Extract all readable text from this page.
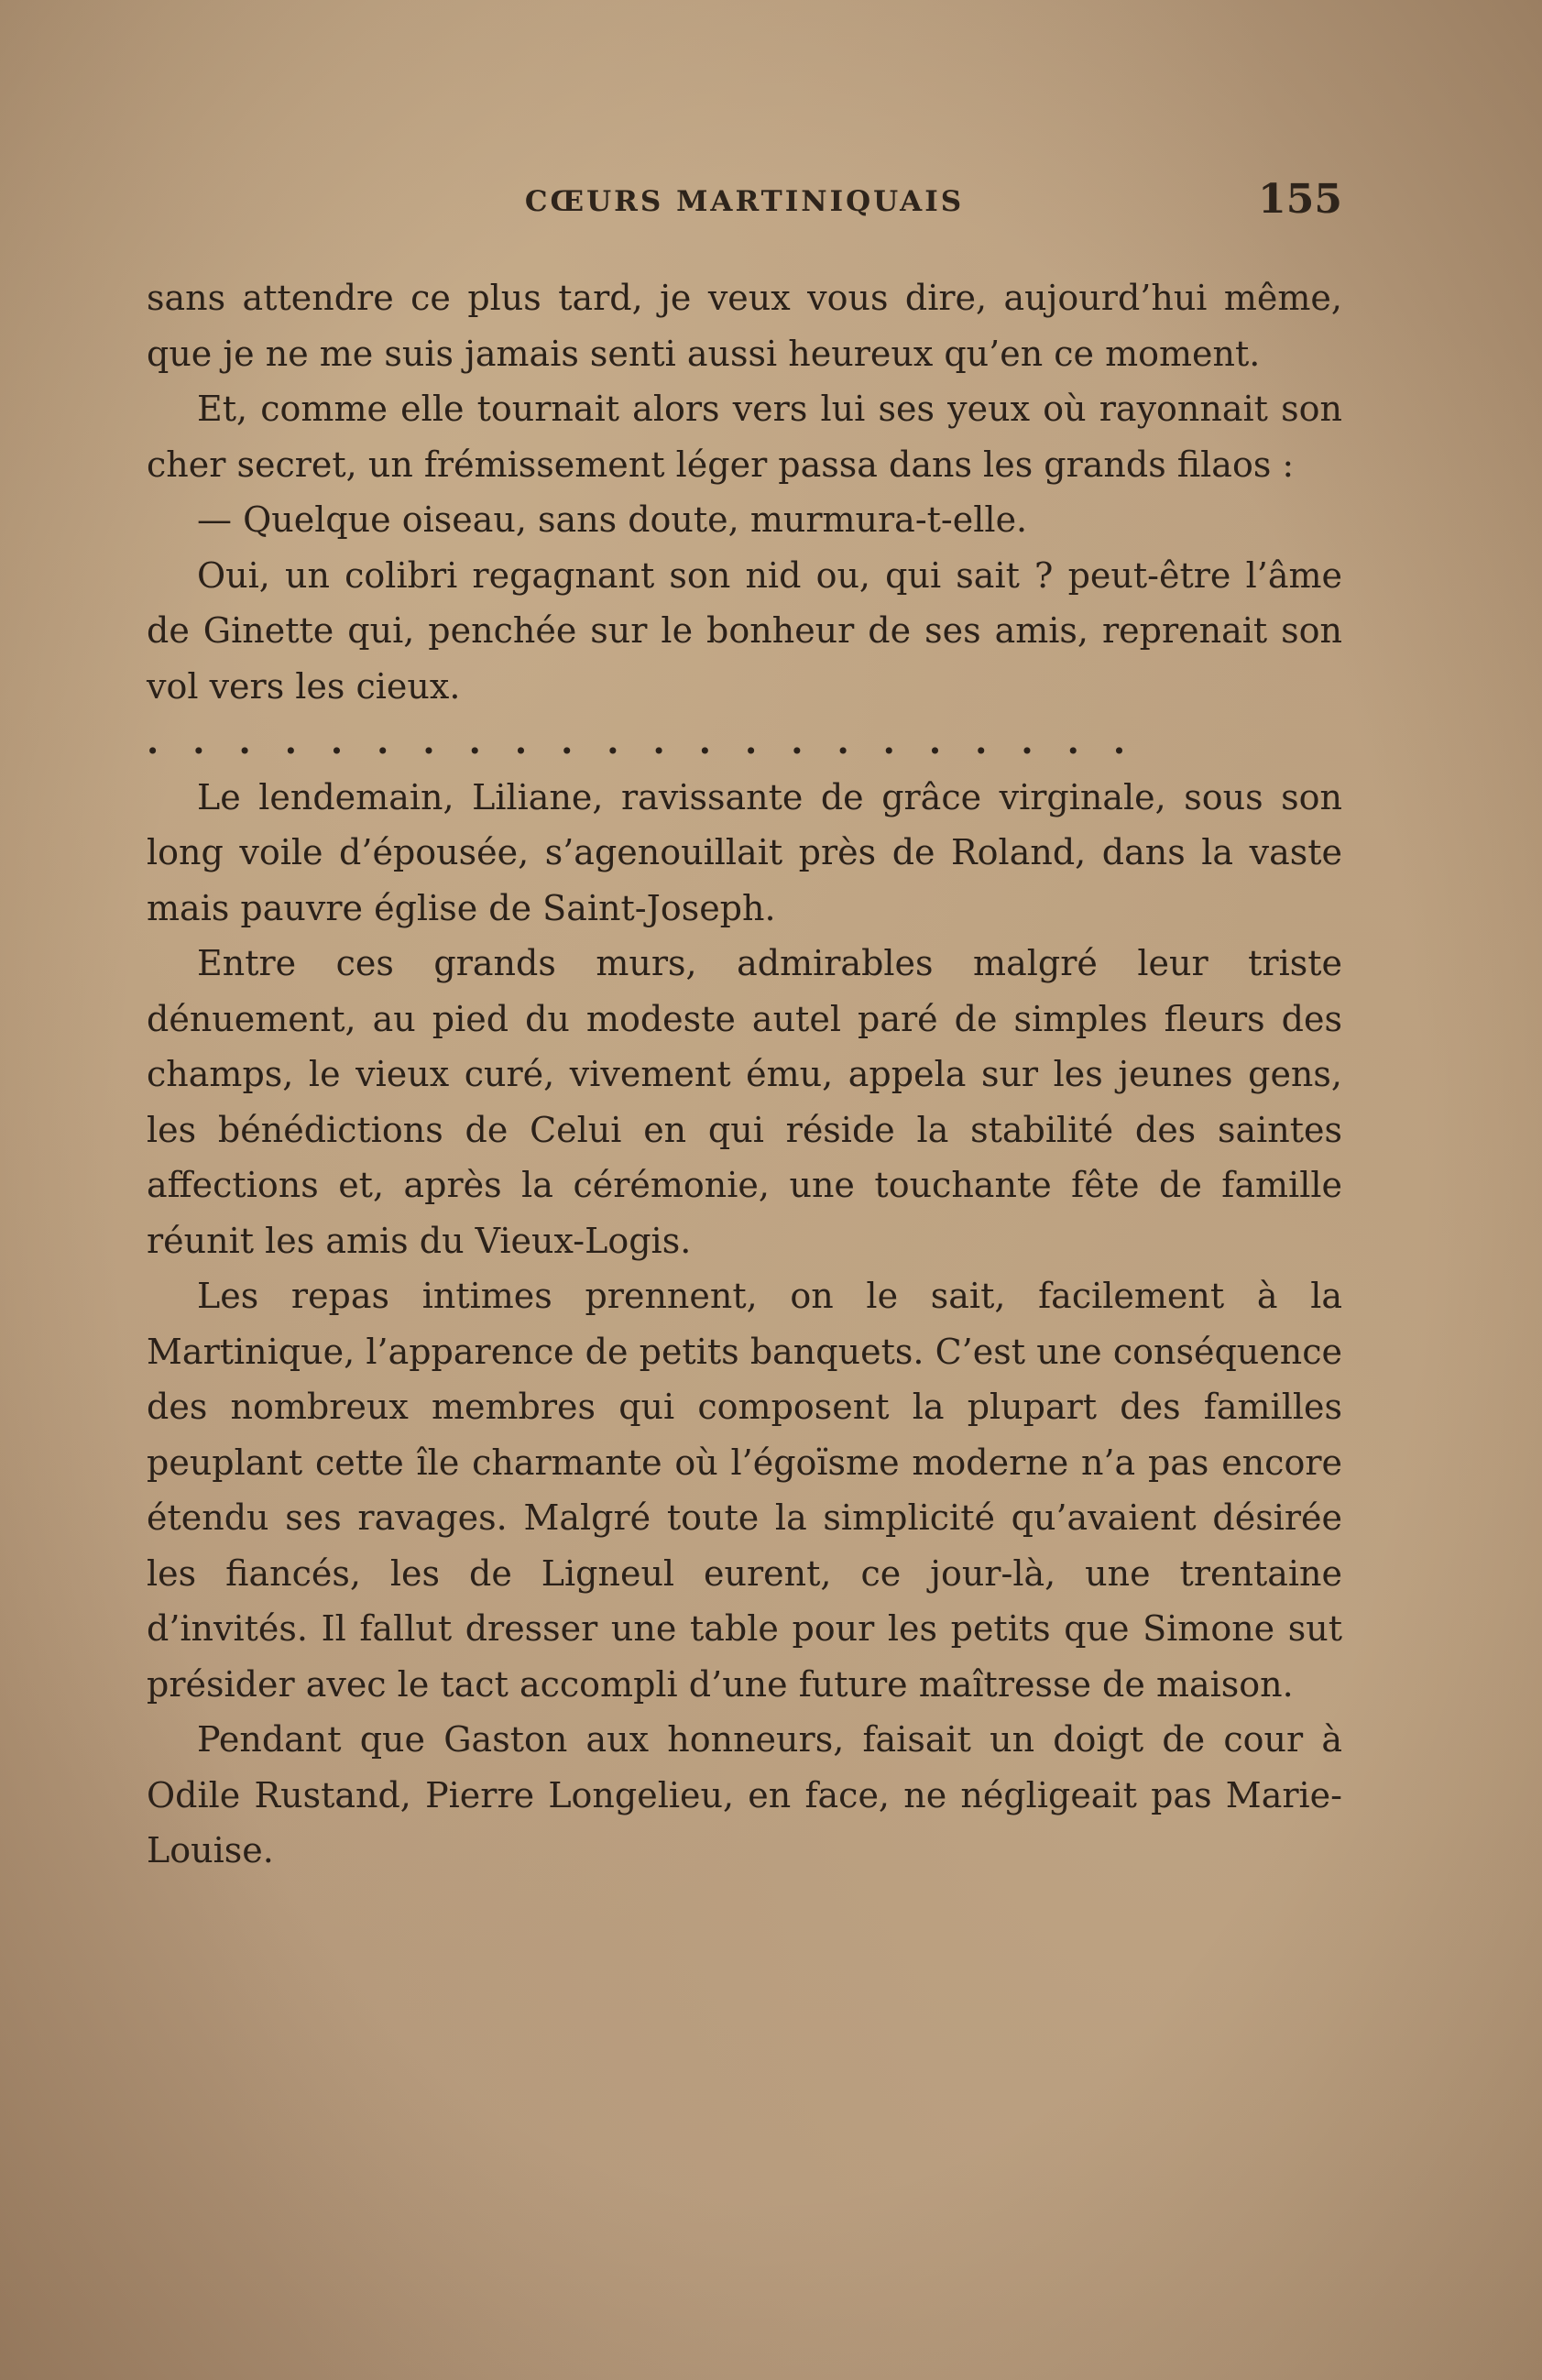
CŒURS MARTINIQUAIS	155

sans attendre ce plus tard, je veux vous dire, aujourd’hui même, que je ne me suis jamais senti aussi heureux qu’en ce moment.

Et, comme elle tournait alors vers lui ses yeux où rayonnait son cher secret, un frémissement léger passa dans les grands filaos :

— Quelque oiseau, sans doute, murmura-t-elle.

Oui, un colibri regagnant son nid ou, qui sait ? peut-être l’âme de Ginette qui, penchée sur le bonheur de ses amis, reprenait son vol vers les cieux.

......................

Le lendemain, Liliane, ravissante de grâce virginale, sous son long voile d’épousée, s’agenouillait près de Roland, dans la vaste mais pauvre église de Saint-Joseph.

Entre ces grands murs, admirables malgré leur triste dénuement, au pied du modeste autel paré de simples fleurs des champs, le vieux curé, vivement ému, appela sur les jeunes gens, les bénédictions de Celui en qui réside la stabilité des saintes affections et, après la cérémonie, une touchante fête de famille réunit les amis du Vieux-Logis.

Les repas intimes prennent, on le sait, facilement à la Martinique, l’apparence de petits banquets. C’est une conséquence des nombreux membres qui composent la plupart des familles peuplant cette île charmante où l’égoïsme moderne n’a pas encore étendu ses ravages. Malgré toute la simplicité qu’avaient désirée les fiancés, les de Ligneul eurent, ce jour-là, une trentaine d’invités. Il fallut dresser une table pour les petits que Simone sut présider avec le tact accompli d’une future maîtresse de maison.

Pendant que Gaston aux honneurs, faisait un doigt de cour à Odile Rustand, Pierre Longelieu, en face, ne négligeait pas Marie-Louise.
